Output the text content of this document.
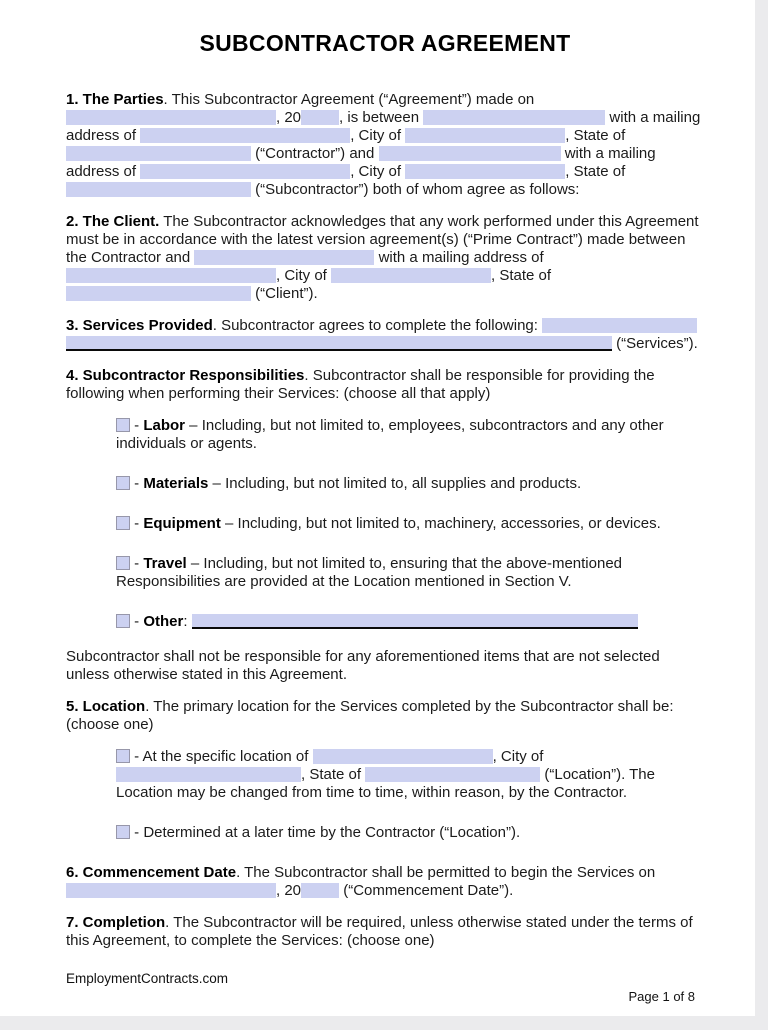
SUBCONTRACTOR AGREEMENT

1. The Parties. This Subcontractor Agreement (“Agreement”) made on , 20	, is between	with a mailing address of	, City of	, State of  (“Contractor”) and	with a mailing address of	, City of	, State of  (“Subcontractor”) both of whom agree as follows:

2. The Client. The Subcontractor acknowledges that any work performed under this Agreement must be in accordance with the latest version agreement(s) (“Prime Contract”) made between the Contractor and	with a mailing address of , City of	, State of  (“Client”).

3. Services Provided. Subcontractor agrees to complete the following:  (“Services”).

4. Subcontractor Responsibilities. Subcontractor shall be responsible for providing the following when performing their Services: (choose all that apply)

- Labor – Including, but not limited to, employees, subcontractors and any other individuals or agents.
- Materials – Including, but not limited to, all supplies and products.
- Equipment – Including, but not limited to, machinery, accessories, or devices.
- Travel – Including, but not limited to, ensuring that the above-mentioned Responsibilities are provided at the Location mentioned in Section V.
- Other:

Subcontractor shall not be responsible for any aforementioned items that are not selected unless otherwise stated in this Agreement.

5. Location. The primary location for the Services completed by the Subcontractor shall be: (choose one)

- At the specific location of	, City of , State of	(“Location”). The Location may be changed from time to time, within reason, by the Contractor.
- Determined at a later time by the Contractor (“Location”).

6. Commencement Date. The Subcontractor shall be permitted to begin the Services on , 20	(“Commencement Date”).

7. Completion. The Subcontractor will be required, unless otherwise stated under the terms of this Agreement, to complete the Services: (choose one)

EmploymentContracts.com
Page 1 of 8
